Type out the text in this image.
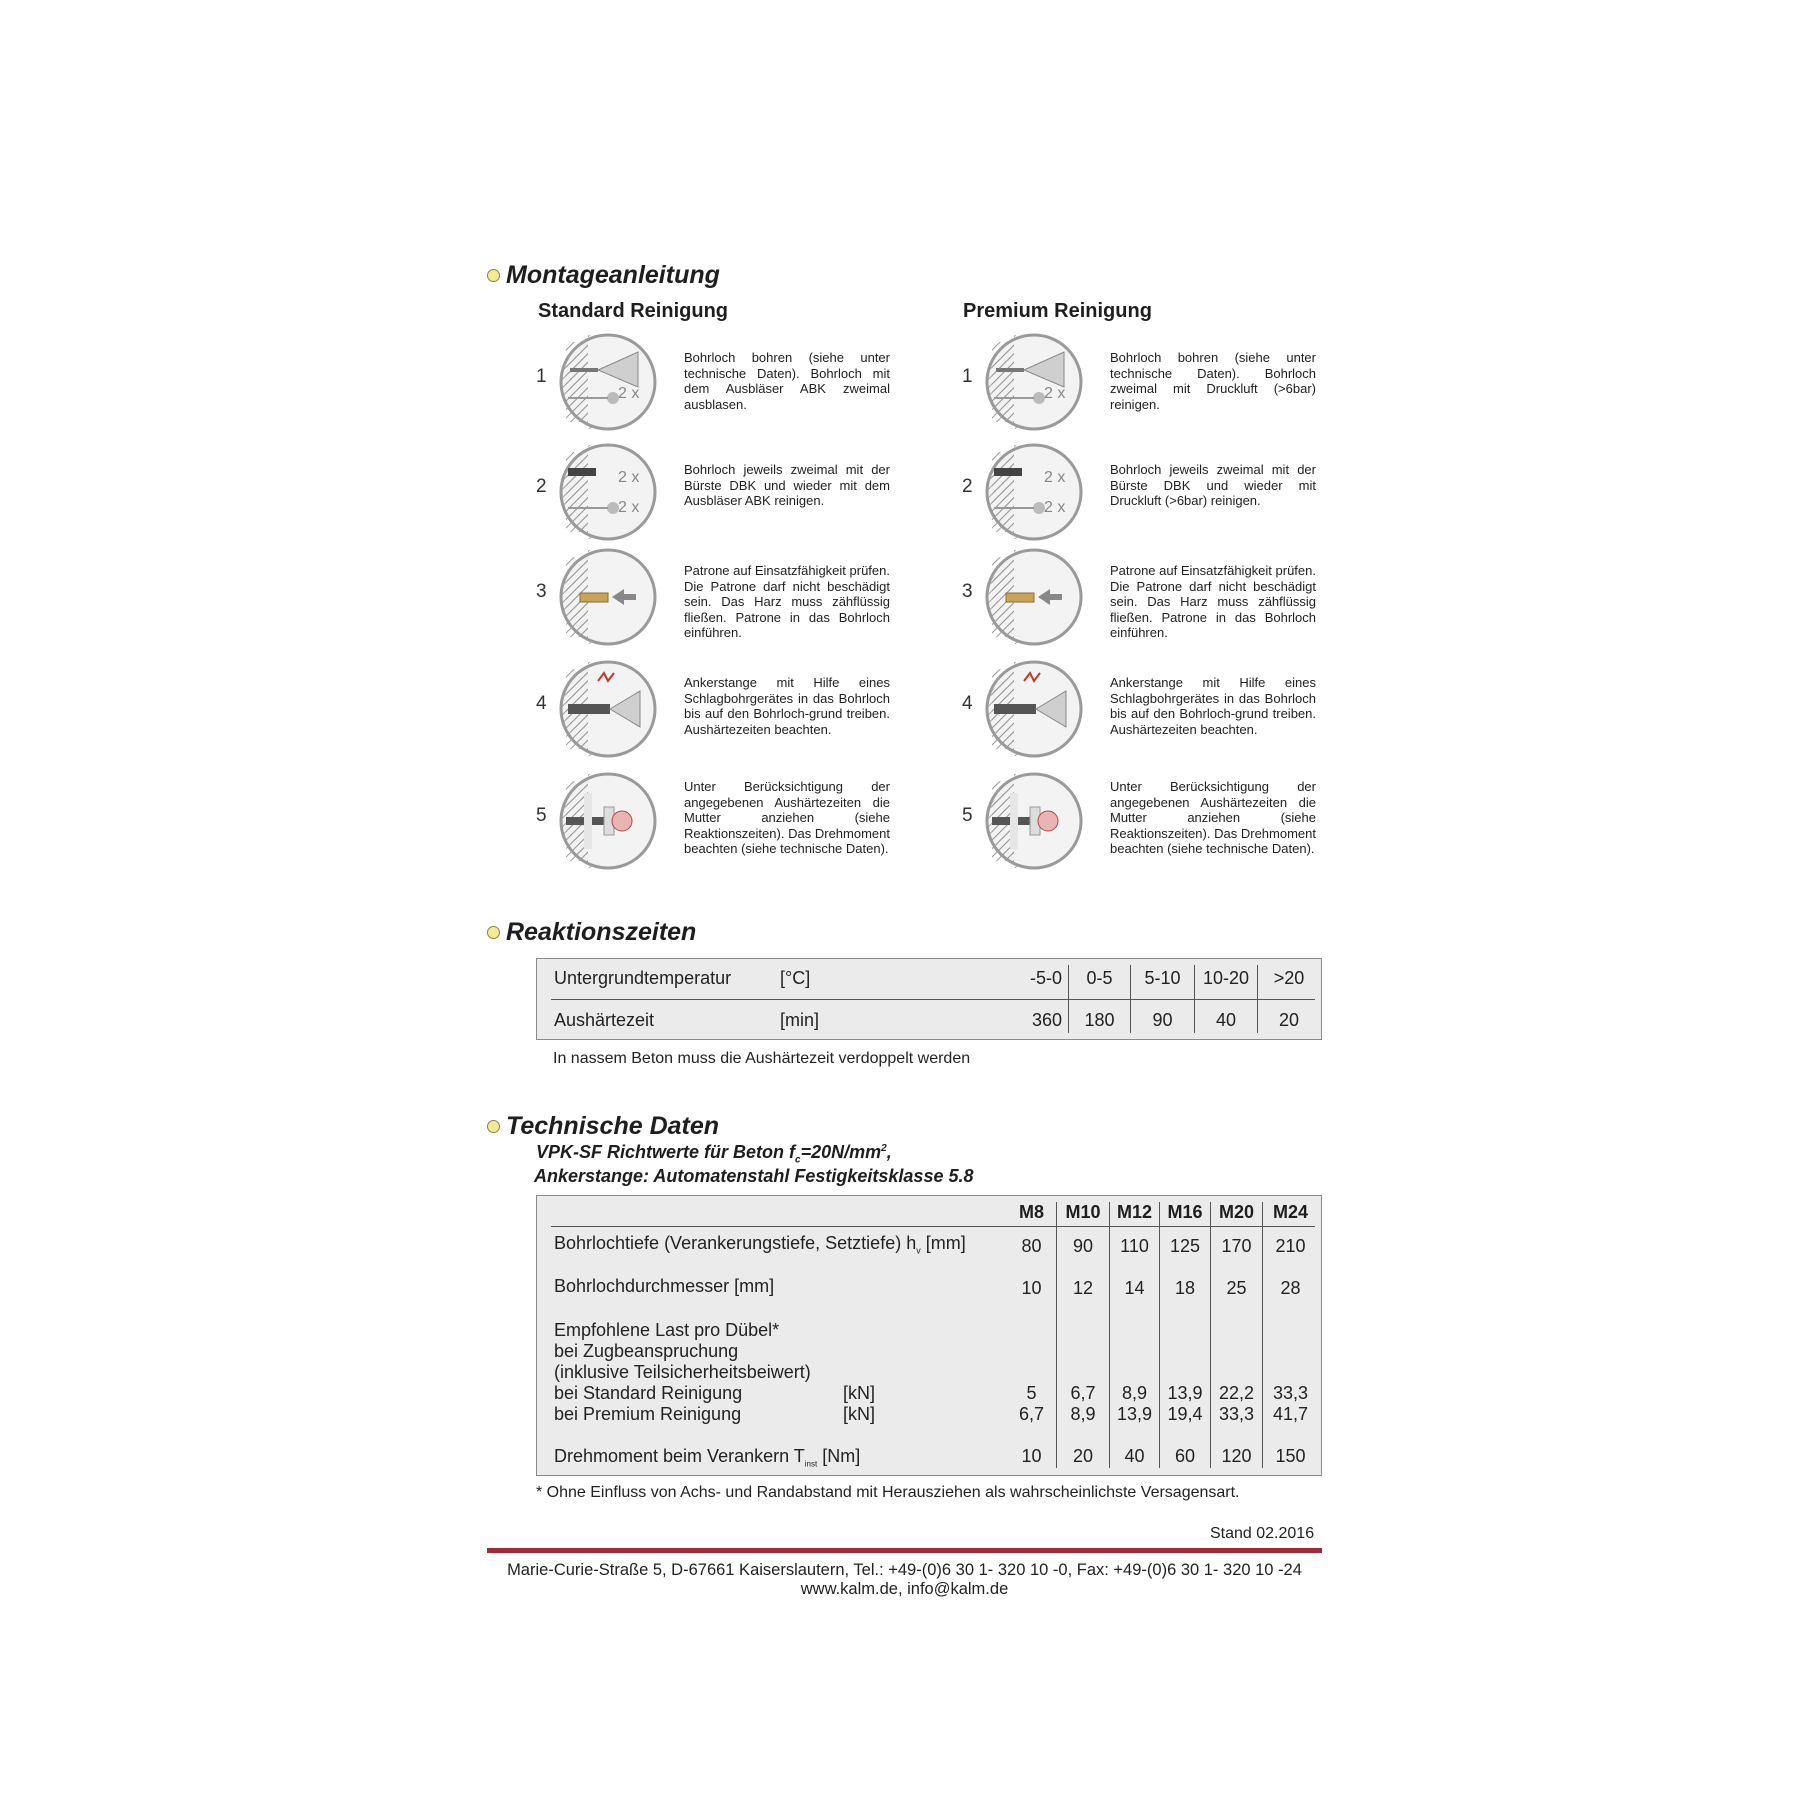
Montageanleitung
Standard Reinigung	Premium Reinigung
1
2 x
Bohrloch bohren (siehe unter technische Daten). Bohrloch mit dem Ausbläser ABK zweimal ausblasen.
2	2 x
2 x
Bohrloch jeweils zweimal mit der Bürste DBK und wieder mit dem Ausbläser ABK reinigen.
3
Patrone auf Einsatzfähigkeit prüfen. Die Patrone darf nicht beschädigt sein. Das Harz muss zähflüssig fließen. Patrone in das Bohrloch einführen.
4
Ankerstange mit Hilfe eines Schlagbohrgerätes in das Bohrloch bis auf den Bohrloch-grund treiben. Aushärtezeiten beachten.
5
Unter Berücksichtigung der angegebenen Aushärtezeiten die Mutter anziehen (siehe Reaktionszeiten). Das Drehmoment beachten (siehe technische Daten).
1
2 x
Bohrloch bohren (siehe unter technische Daten). Bohrloch zweimal mit Druckluft (>6bar) reinigen.
2	2 x
2 x
Bohrloch jeweils zweimal mit der Bürste DBK und wieder mit Druckluft (>6bar) reinigen.
3
Patrone auf Einsatzfähigkeit prüfen. Die Patrone darf nicht beschädigt sein. Das Harz muss zähflüssig fließen. Patrone in das Bohrloch einführen.
4
Ankerstange mit Hilfe eines Schlagbohrgerätes in das Bohrloch bis auf den Bohrloch-grund treiben. Aushärtezeiten beachten.
5
Unter Berücksichtigung der angegebenen Aushärtezeiten die Mutter anziehen (siehe Reaktionszeiten). Das Drehmoment beachten (siehe technische Daten).
Reaktionszeiten
Untergrundtemperatur	[°C]	-5-0	0-5	5-10	10-20	>20
Aushärtezeit	[min]	360	180	90	40	20
In nassem Beton muss die Aushärtezeit verdoppelt werden
Technische Daten
VPK-SF Richtwerte für Beton $f_c=20N/mm^2$,
Ankerstange: Automatenstahl Festigkeitsklasse 5.8
M8	M10 M12 M16 M20	M24
Bohrlochtiefe (Verankerungstiefe, Setztiefe) $h_v$ [mm]	80	90	110	125	170	210
Bohrlochdurchmesser [mm]	10	12	14	18	25	28
Empfohlene Last pro Dübel*
bei Zugbeanspruchung
(inklusive Teilsicherheitsbeiwert)
bei Standard Reinigung	[kN]	5	6,7	8,9	13,9 22,2	33,3
bei Premium Reinigung	[kN]	6,7	8,9	13,9 19,4 33,3	41,7
Drehmoment beim Verankern $T_{inst}$ [Nm]	10	20	40	60	120	150
* Ohne Einfluss von Achs- und Randabstand mit Herausziehen als wahrscheinlichste Versagensart.
Stand 02.2016
Marie-Curie-Straße 5, D-67661 Kaiserslautern, Tel.: +49-(0)6 30 1- 320 10 -0, Fax: +49-(0)6 30 1- 320 10 -24
www.kalm.de, info@kalm.de
